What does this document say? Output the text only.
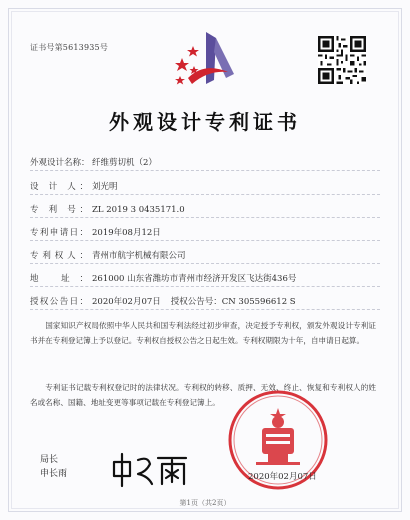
证书号第5613935号
外观设计专利证书
外观设计名称： 纤维剪切机（2）
设 计 人： 刘光明
专 利 号： ZL 2019 3 0435171.0
专利申请日： 2019年08月12日
专利权人： 青州市航宇机械有限公司
地 址： 261000 山东省潍坊市青州市经济开发区飞达街436号
授权公告日： 2020年02月07日 授权公告号： CN 305596612 S
国家知识产权局依照中华人民共和国专利法经过初步审查，决定授予专利权，颁发外观设计专利证书并在专利登记簿上予以登记。专利权自授权公告之日起生效。专利权期限为十年，自申请日起算。
专利证书记载专利权登记时的法律状况。专利权的转移、质押、无效、终止、恢复和专利权人的姓名或名称、国籍、地址变更等事项记载在专利登记簿上。
局长
申长雨	2020年02月07日
第1页（共2页）
